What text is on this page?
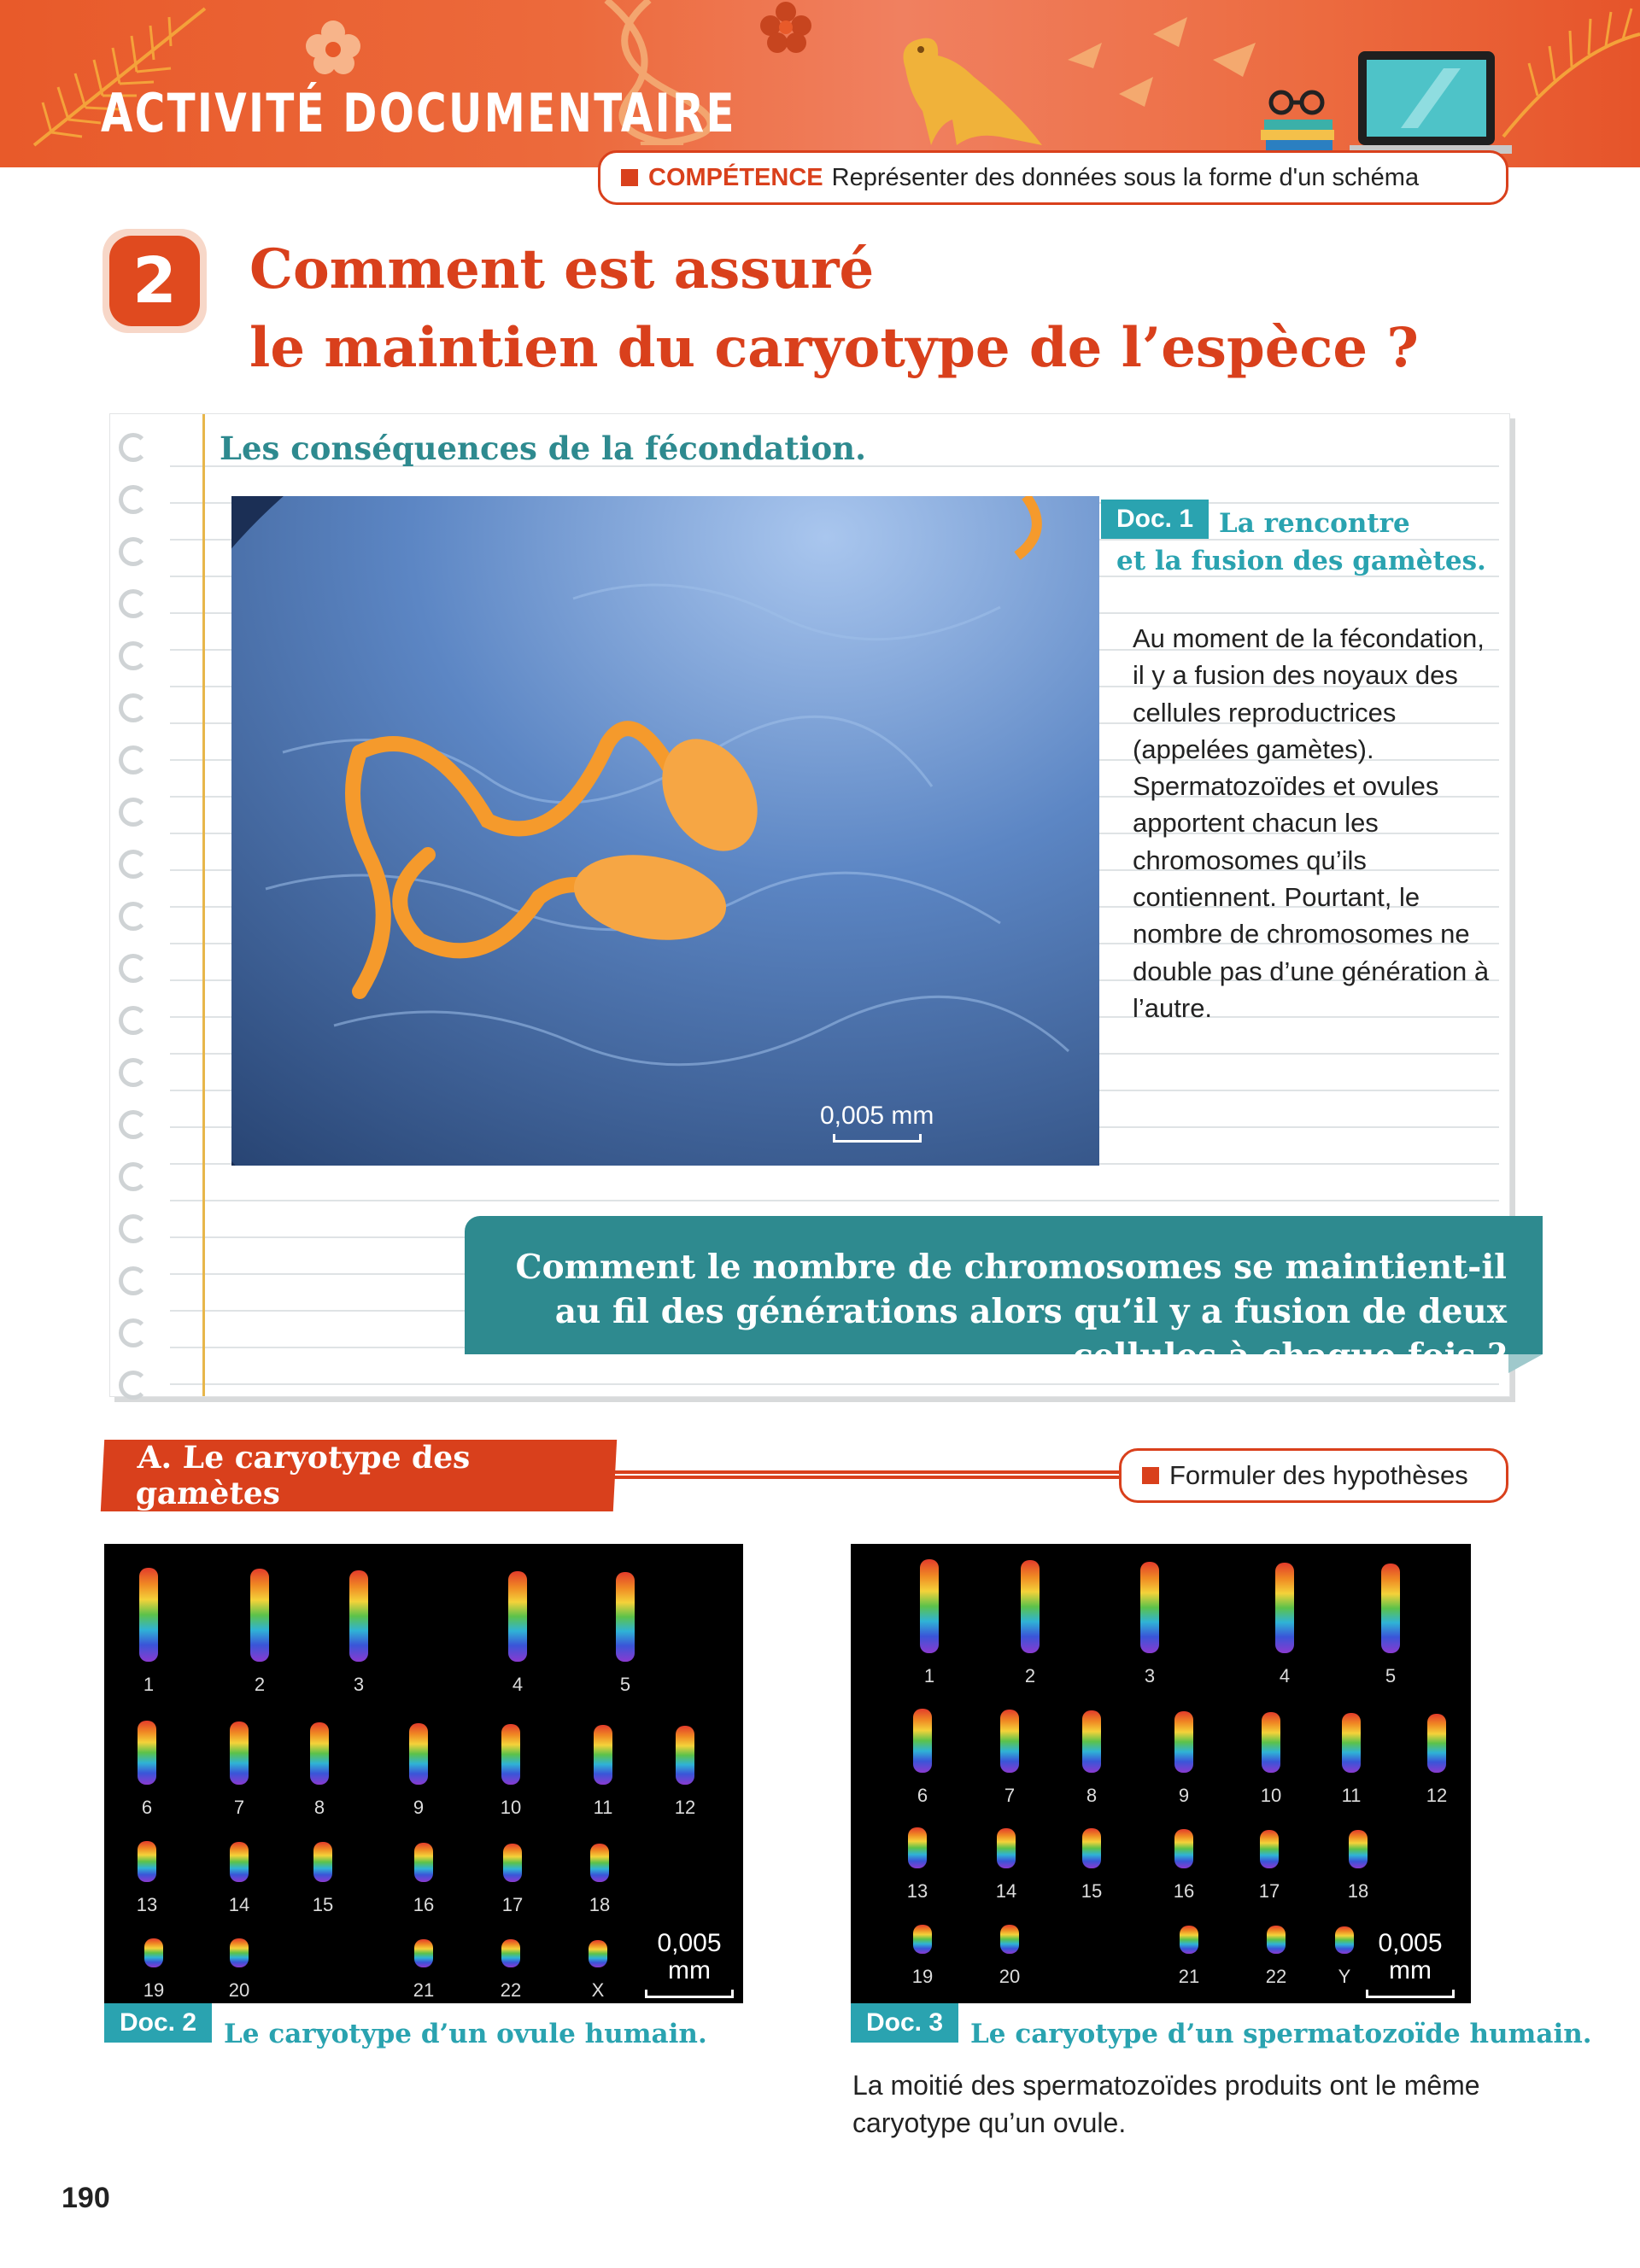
ACTIVITÉ DOCUMENTAIRE
COMPÉTENCE Représenter des données sous la forme d'un schéma
2	Comment est assuré
le maintien du caryotype de l’espèce ?
Les conséquences de la fécondation.
Doc. 1 La rencontre
et la fusion des gamètes.
0,005 mm
Au moment de la fécondation, il y a fusion des noyaux des cellules reproductrices (appelées gamètes). Spermatozoïdes et ovules apportent chacun les chromosomes qu’ils contiennent. Pourtant, le nombre de chromosomes ne double pas d’une génération à l’autre.
Comment le nombre de chromosomes se maintient-il au fil des générations alors qu’il y a fusion de deux cellules à chaque fois ?
A. Le caryotype des gamètes
Formuler des hypothèses
0,005
mm
1	2	3	4	5
6	7	8	9	10	11	12
13	14	15	16	17	18
19	20	21	22	X
Doc. 2	Le caryotype d’un ovule humain.
0,005
mm
1	2	3	4	5
6	7	8	9	10	11	12
13	14	15	16	17	18
19	20	21	22	Y
Doc. 3	Le caryotype d’un spermatozoïde humain.
La moitié des spermatozoïdes produits ont le même caryotype qu’un ovule.
190
